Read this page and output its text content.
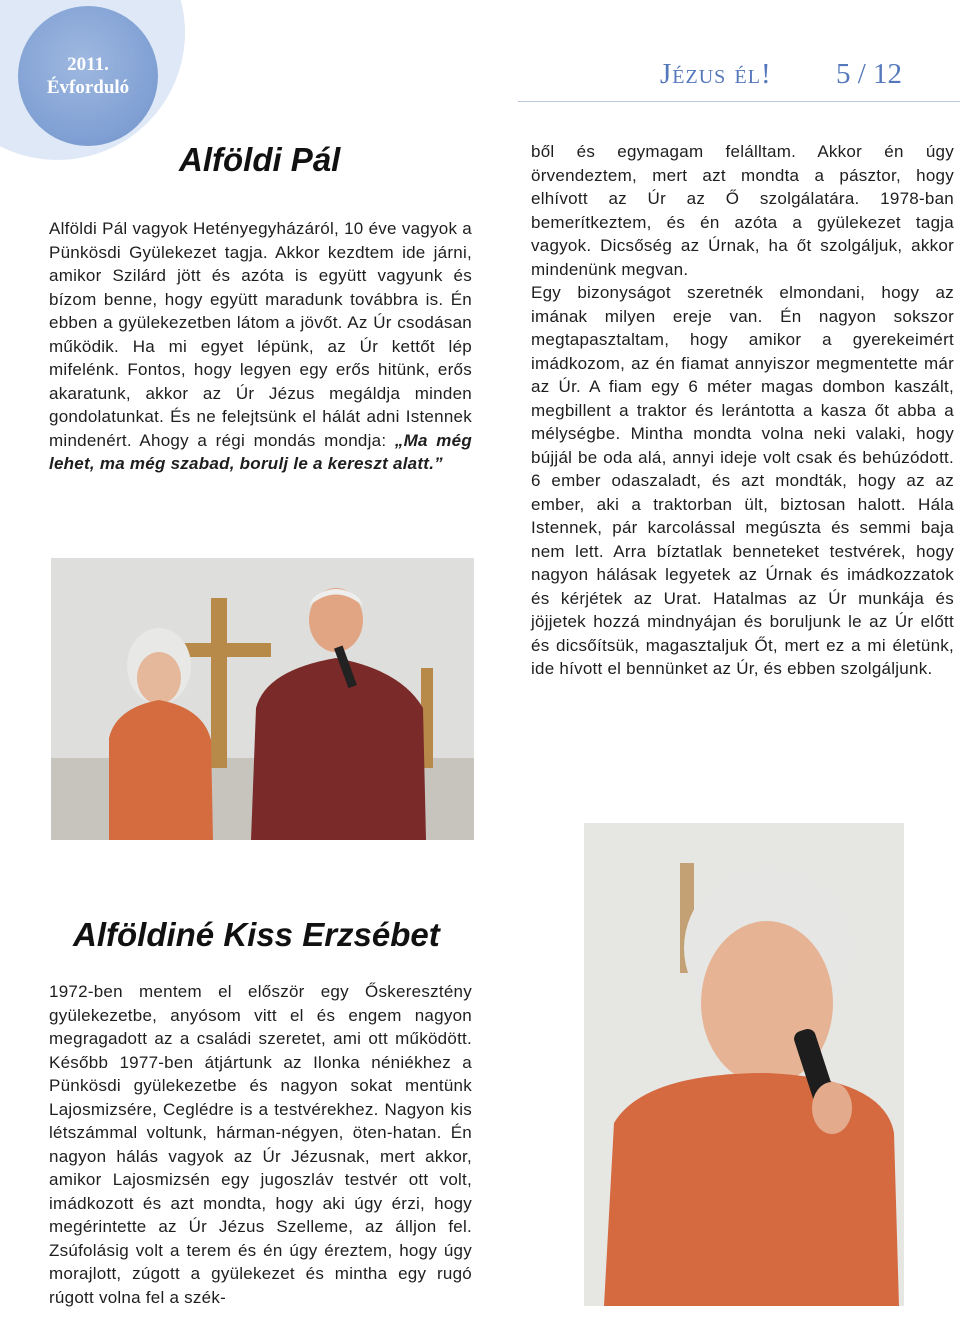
2011.
Évforduló	Jézus él! 5 / 12
Alföldi Pál

Alföldi Pál vagyok Hetényegyházáról, 10 éve vagyok a Pünkösdi Gyülekezet tagja. Akkor kezdtem ide járni, amikor Szilárd jött és azóta is együtt vagyunk és bízom benne, hogy együtt maradunk továbbra is. Én ebben a gyülekezetben látom a jövőt. Az Úr csodásan működik. Ha mi egyet lépünk, az Úr kettőt lép mifelénk. Fontos, hogy legyen egy erős hitünk, erős akaratunk, akkor az Úr Jézus megáldja minden gondolatunkat. És ne felejtsünk el hálát adni Istennek mindenért. Ahogy a régi mondás mondja: „Ma még lehet, ma még szabad, borulj le a kereszt alatt.”

Alföldiné Kiss Erzsébet

1972-ben mentem el először egy Őskeresztény gyülekezetbe, anyósom vitt el és engem nagyon megragadott az a családi szeretet, ami ott működött. Később 1977-ben átjártunk az Ilonka néniékhez a Pünkösdi gyülekezetbe és nagyon sokat mentünk Lajosmizsére, Ceglédre is a testvérekhez. Nagyon kis létszámmal voltunk, hárman-négyen, öten-hatan. Én nagyon hálás vagyok az Úr Jézusnak, mert akkor, amikor Lajosmizsén egy jugoszláv testvér ott volt, imádkozott és azt mondta, hogy aki úgy érzi, hogy megérintette az Úr Jézus Szelleme, az álljon fel. Zsúfolásig volt a terem és én úgy éreztem, hogy úgy morajlott, zúgott a gyülekezet és mintha egy rugó rúgott volna fel a szék-

ből és egymagam felálltam. Akkor én úgy örvendeztem, mert azt mondta a pásztor, hogy elhívott az Úr az Ő szolgálatára. 1978-ban bemerítkeztem, és én azóta a gyülekezet tagja vagyok. Dicsőség az Úrnak, ha őt szolgáljuk, akkor mindenünk megvan.

Egy bizonyságot szeretnék elmondani, hogy az imának milyen ereje van. Én nagyon sokszor megtapasztaltam, hogy amikor a gyerekeimért imádkozom, az én fiamat annyiszor megmentette már az Úr. A fiam egy 6 méter magas dombon kaszált, megbillent a traktor és lerántotta a kasza őt abba a mélységbe. Mintha mondta volna neki valaki, hogy bújjál be oda alá, annyi ideje volt csak és behúzódott. 6 ember odaszaladt, és azt mondták, hogy az az ember, aki a traktorban ült, biztosan halott. Hála Istennek, pár karcolással megúszta és semmi baja nem lett. Arra bíztatlak benneteket testvérek, hogy nagyon hálásak legyetek az Úrnak és imádkozzatok és kérjétek az Urat. Hatalmas az Úr munkája és jöjjetek hozzá mindnyájan és boruljunk le az Úr előtt és dicsőítsük, magasztaljuk Őt, mert ez a mi életünk, ide hívott el bennünket az Úr, és ebben szolgáljunk.
